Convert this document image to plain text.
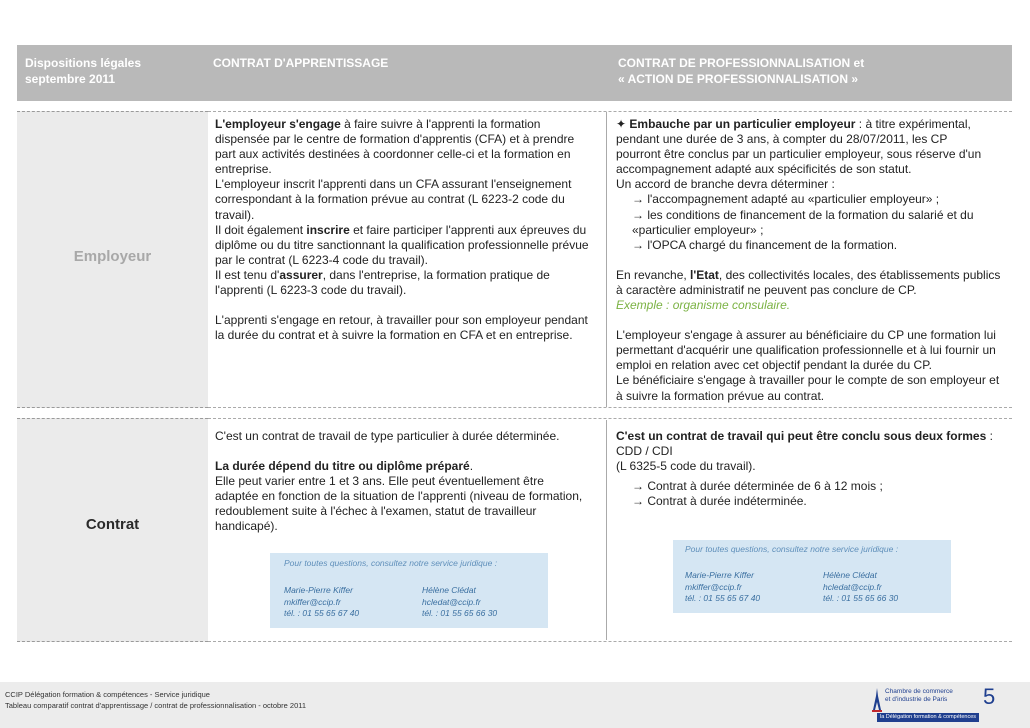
Dispositions légales
septembre 2011
CONTRAT D'APPRENTISSAGE	CONTRAT DE PROFESSIONNALISATION et
« ACTION DE PROFESSIONNALISATION »
Employeur
Contrat

L'employeur s'engage à faire suivre à l'apprenti la formation

dispensée par le centre de formation d'apprentis (CFA) et à prendre

part aux activités destinées à coordonner celle-ci et la formation en

entreprise.

L'employeur inscrit l'apprenti dans un CFA assurant l'enseignement

correspondant à la formation prévue au contrat (L 6223-2 code du

travail).

Il doit également inscrire et faire participer l'apprenti aux épreuves du

diplôme ou du titre sanctionnant la qualification professionnelle prévue

par le contrat (L 6223-4 code du travail).

Il est tenu d'assurer, dans l'entreprise, la formation pratique de

l'apprenti (L 6223-3 code du travail).

L'apprenti s'engage en retour, à travailler pour son employeur pendant

la durée du contrat et à suivre la formation en CFA et en entreprise.

✦ Embauche par un particulier employeur : à titre expérimental,

pendant une durée de 3 ans, à compter du 28/07/2011, les CP

pourront être conclus par un particulier employeur, sous réserve d'un

accompagnement adapté aux spécificités de son statut.

Un accord de branche devra déterminer :

→ l'accompagnement adapté au «particulier employeur» ;

→ les conditions de financement de la formation du salarié et du

«particulier employeur» ;

→ l'OPCA chargé du financement de la formation.

En revanche, l'Etat, des collectivités locales, des établissements publics

à caractère administratif ne peuvent pas conclure de CP.

Exemple : organisme consulaire.

L'employeur s'engage à assurer au bénéficiaire du CP une formation lui

permettant d'acquérir une qualification professionnelle et à lui fournir un

emploi en relation avec cet objectif pendant la durée du CP.

Le bénéficiaire s'engage à travailler pour le compte de son employeur et

à suivre la formation prévue au contrat.

C'est un contrat de travail de type particulier à durée déterminée.

La durée dépend du titre ou diplôme préparé.

Elle peut varier entre 1 et 3 ans. Elle peut éventuellement être

adaptée en fonction de la situation de l'apprenti (niveau de formation,

redoublement suite à l'échec à l'examen, statut de travailleur

handicapé).

C'est un contrat de travail qui peut être conclu sous deux formes :

CDD / CDI

(L 6325-5 code du travail).

→ Contrat à durée déterminée de 6 à 12 mois ;

→ Contrat à durée indéterminée.

Pour toutes questions, consultez notre service juridique :
Marie-Pierre Kiffer
mkiffer@ccip.fr
tél. : 01 55 65 67 40
Hélène Clédat
hcledat@ccip.fr
tél. : 01 55 65 66 30
Pour toutes questions, consultez notre service juridique :
Marie-Pierre Kiffer
mkiffer@ccip.fr
tél. : 01 55 65 67 40
Hélène Clédat
hcledat@ccip.fr
tél. : 01 55 65 66 30
CCIP Délégation formation & compétences - Service juridique
Tableau comparatif contrat d'apprentissage / contrat de professionnalisation - octobre 2011
Chambre de commerce
et d'industrie de Paris
la Délégation formation & compétences
5
